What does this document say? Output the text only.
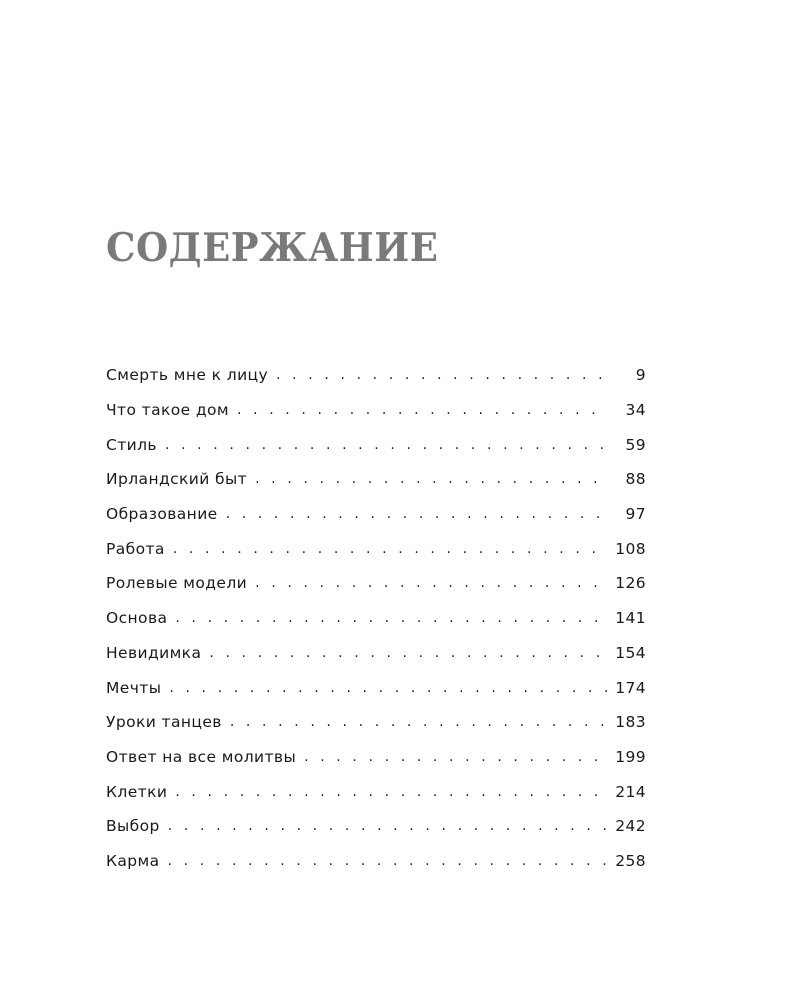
СОДЕРЖАНИЕ
Смерть мне к лицу . . .	9
Что такое дом . . .	34
Стиль . . .	59
Ирландский быт . . .	88
Образование . . .	97
Работа . . .	108
Ролевые модели . . .	126
Основа . . .	141
Невидимка . . .	154
Мечты . . .	174
Уроки танцев . . .	183
Ответ на все молитвы . . .	199
Клетки . . .	214
Выбор . . .	242
Карма . . .	258
